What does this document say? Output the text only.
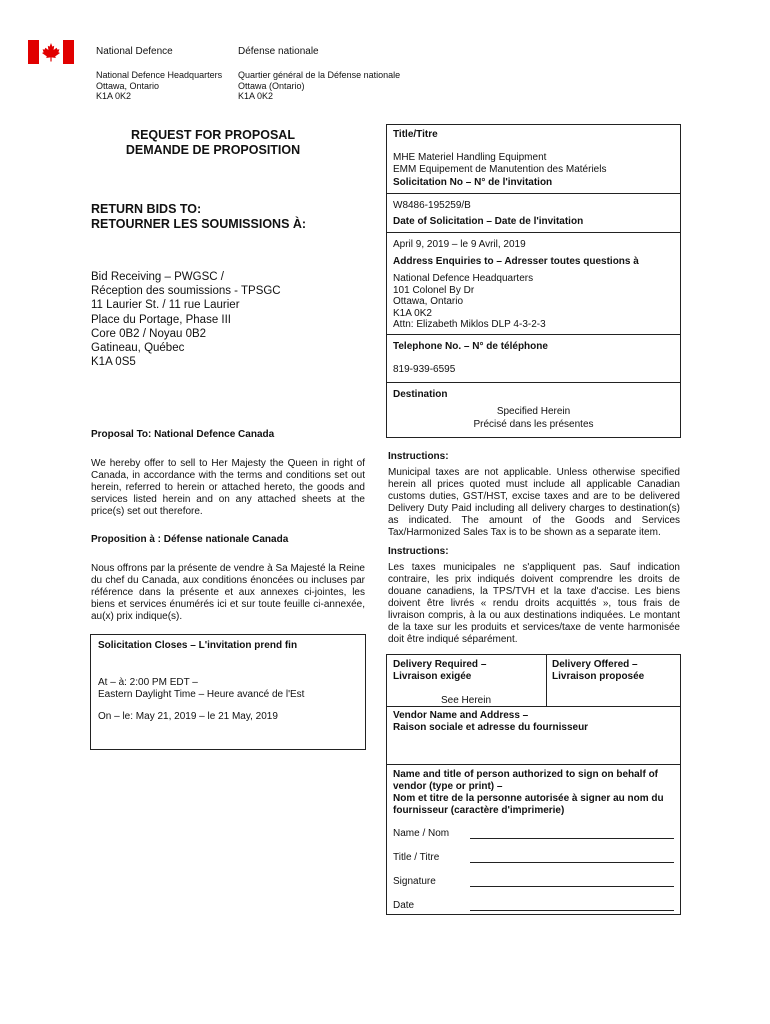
National Defence	Défense nationale
National Defence Headquarters
Ottawa, Ontario
K1A 0K2
Quartier général de la Défense nationale
Ottawa (Ontario)
K1A 0K2
REQUEST FOR PROPOSAL
DEMANDE DE PROPOSITION
RETURN BIDS TO:
RETOURNER LES SOUMISSIONS À:
Bid Receiving – PWGSC /
Réception des soumissions - TPSGC
11 Laurier St. / 11 rue Laurier
Place du Portage, Phase III
Core 0B2 / Noyau 0B2
Gatineau, Québec
K1A 0S5
Proposal To: National Defence Canada
We hereby offer to sell to Her Majesty the Queen in right of Canada, in accordance with the terms and conditions set out herein, referred to herein or attached hereto, the goods and services listed herein and on any attached sheets at the price(s) set out therefore.
Proposition à : Défense nationale Canada
Nous offrons par la présente de vendre à Sa Majesté la Reine du chef du Canada, aux conditions énoncées ou incluses par référence dans la présente et aux annexes ci-jointes, les biens et services énumérés ici et sur toute feuille ci-annexée, au(x) prix indique(s).
Solicitation Closes – L'invitation prend fin
At – à: 2:00 PM EDT –
Eastern Daylight Time – Heure avancé de l'Est
On – le: May 21, 2019 – le 21 May, 2019
Title/Titre
MHE Materiel Handling Equipment
EMM Equipement de Manutention des Matériels
Solicitation No – N° de l'invitation
W8486-195259/B
Date of Solicitation – Date de l'invitation
April 9, 2019 – le 9 Avril, 2019
Address Enquiries to – Adresser toutes questions à
National Defence Headquarters
101 Colonel By Dr
Ottawa, Ontario
K1A 0K2
Attn: Elizabeth Miklos DLP 4-3-2-3
Telephone No. – N° de téléphone
819-939-6595
Destination
Specified Herein
Précisé dans les présentes
Instructions:
Municipal taxes are not applicable. Unless otherwise specified herein all prices quoted must include all applicable Canadian customs duties, GST/HST, excise taxes and are to be delivered Delivery Duty Paid including all delivery charges to destination(s) as indicated. The amount of the Goods and Services Tax/Harmonized Sales Tax is to be shown as a separate item.
Instructions:
Les taxes municipales ne s'appliquent pas. Sauf indication contraire, les prix indiqués doivent comprendre les droits de douane canadiens, la TPS/TVH et la taxe d'accise. Les biens doivent être livrés « rendu droits acquittés », tous frais de livraison compris, à la ou aux destinations indiquées. Le montant de la taxe sur les produits et services/taxe de vente harmonisée doit être indiqué séparément.
Delivery Required –
Livraison exigée
Delivery Offered –
Livraison proposée
See Herein
Vendor Name and Address –
Raison sociale et adresse du fournisseur
Name and title of person authorized to sign on behalf of vendor (type or print) –
Nom et titre de la personne autorisée à signer au nom du fournisseur (caractère d'imprimerie)
Name / Nom
Title / Titre
Signature
Date
